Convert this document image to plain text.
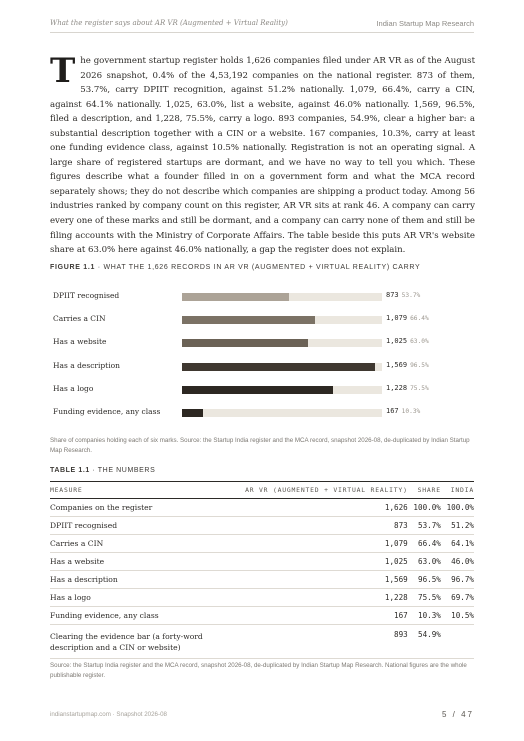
What the register says about AR VR (Augmented + Virtual Reality)	Indian Startup Map Research
The government startup register holds 1,626 companies filed under AR VR as of the August 2026 snapshot, 0.4% of the 4,53,192 companies on the national register. 873 of them, 53.7%, carry DPIIT recognition, against 51.2% nationally. 1,079, 66.4%, carry a CIN, against 64.1% nationally. 1,025, 63.0%, list a website, against 46.0% nationally. 1,569, 96.5%, filed a description, and 1,228, 75.5%, carry a logo. 893 companies, 54.9%, clear a higher bar: a substantial description together with a CIN or a website. 167 companies, 10.3%, carry at least one funding evidence class, against 10.5% nationally. Registration is not an operating signal. A large share of registered startups are dormant, and we have no way to tell you which. These figures describe what a founder filled in on a government form and what the MCA record separately shows; they do not describe which companies are shipping a product today. Among 56 industries ranked by company count on this register, AR VR sits at rank 46. A company can carry every one of these marks and still be dormant, and a company can carry none of them and still be filing accounts with the Ministry of Corporate Affairs. The table beside this puts AR VR's website share at 63.0% here against 46.0% nationally, a gap the register does not explain.
FIGURE 1.1 · WHAT THE 1,626 RECORDS IN AR VR (AUGMENTED + VIRTUAL REALITY) CARRY
DPIIT recognised	873 53.7%
Carries a CIN	1,079 66.4%
Has a website	1,025 63.0%
Has a description	1,569 96.5%
Has a logo	1,228 75.5%
Funding evidence, any class	167 10.3%
Share of companies holding each of six marks. Source: the Startup India register and the MCA record, snapshot 2026-08, de-duplicated by Indian Startup Map Research.
TABLE 1.1 · THE NUMBERS
MEASURE	AR VR (AUGMENTED + VIRTUAL REALITY)	SHARE	INDIA
Companies on the register	1,626	100.0%	100.0%
DPIIT recognised	873	53.7%	51.2%
Carries a CIN	1,079	66.4%	64.1%
Has a website	1,025	63.0%	46.0%
Has a description	1,569	96.5%	96.7%
Has a logo	1,228	75.5%	69.7%
Funding evidence, any class	167	10.3%	10.5%
Clearing the evidence bar (a forty-word description and a CIN or website)	893	54.9%	
Source: the Startup India register and the MCA record, snapshot 2026-08, de-duplicated by Indian Startup Map Research. National figures are the whole publishable register.
indianstartupmap.com · Snapshot 2026-08	5 / 47
